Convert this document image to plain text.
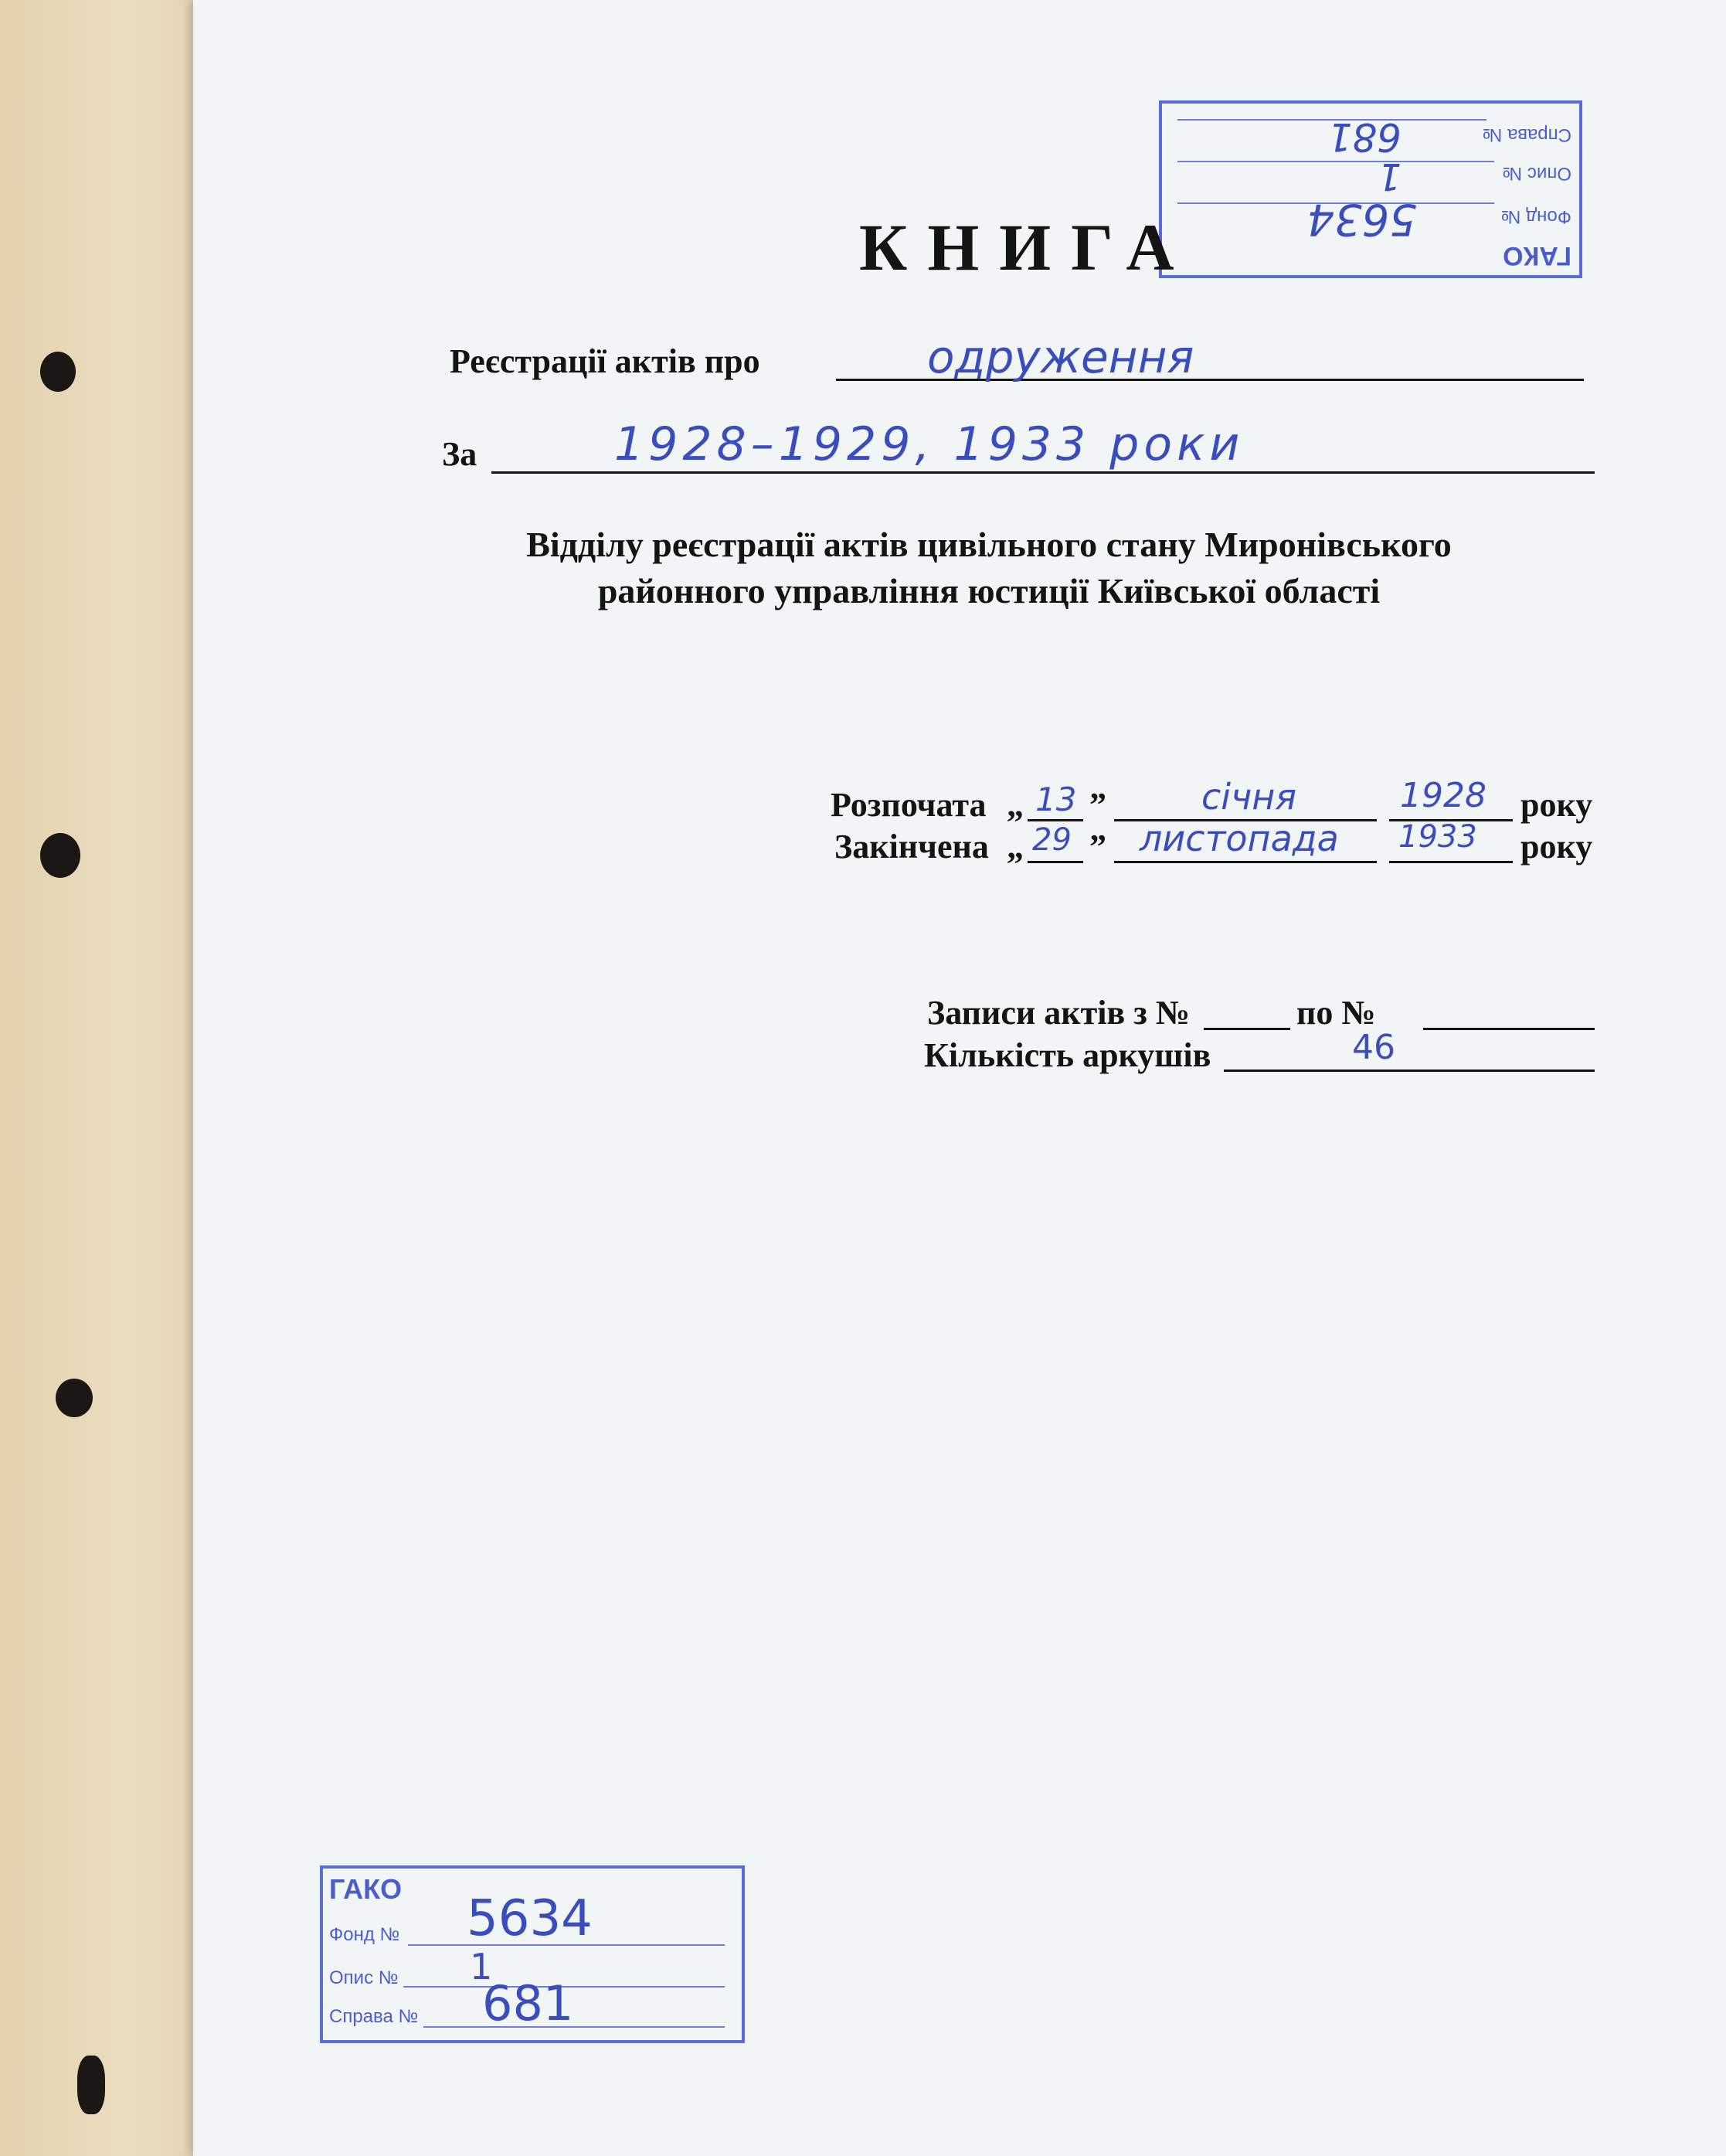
ГАКО
Фонд №
5634
Опис №
1
Справа №
681
КНИГА
Реєстрації актів про	одруження
За	1928–1929, 1933 роки
Відділу реєстрації актів цивільного стану Миронівського
районного управління юстиції Київської області
Розпочата „ 13 ”	січня	1928 року
Закінчена „ 29 ” листопада 1933 року
Записи актів з №	по №
Кількість аркушів	46
ГАКО
Фонд № 5634
Опис № 1
Справа № 681
